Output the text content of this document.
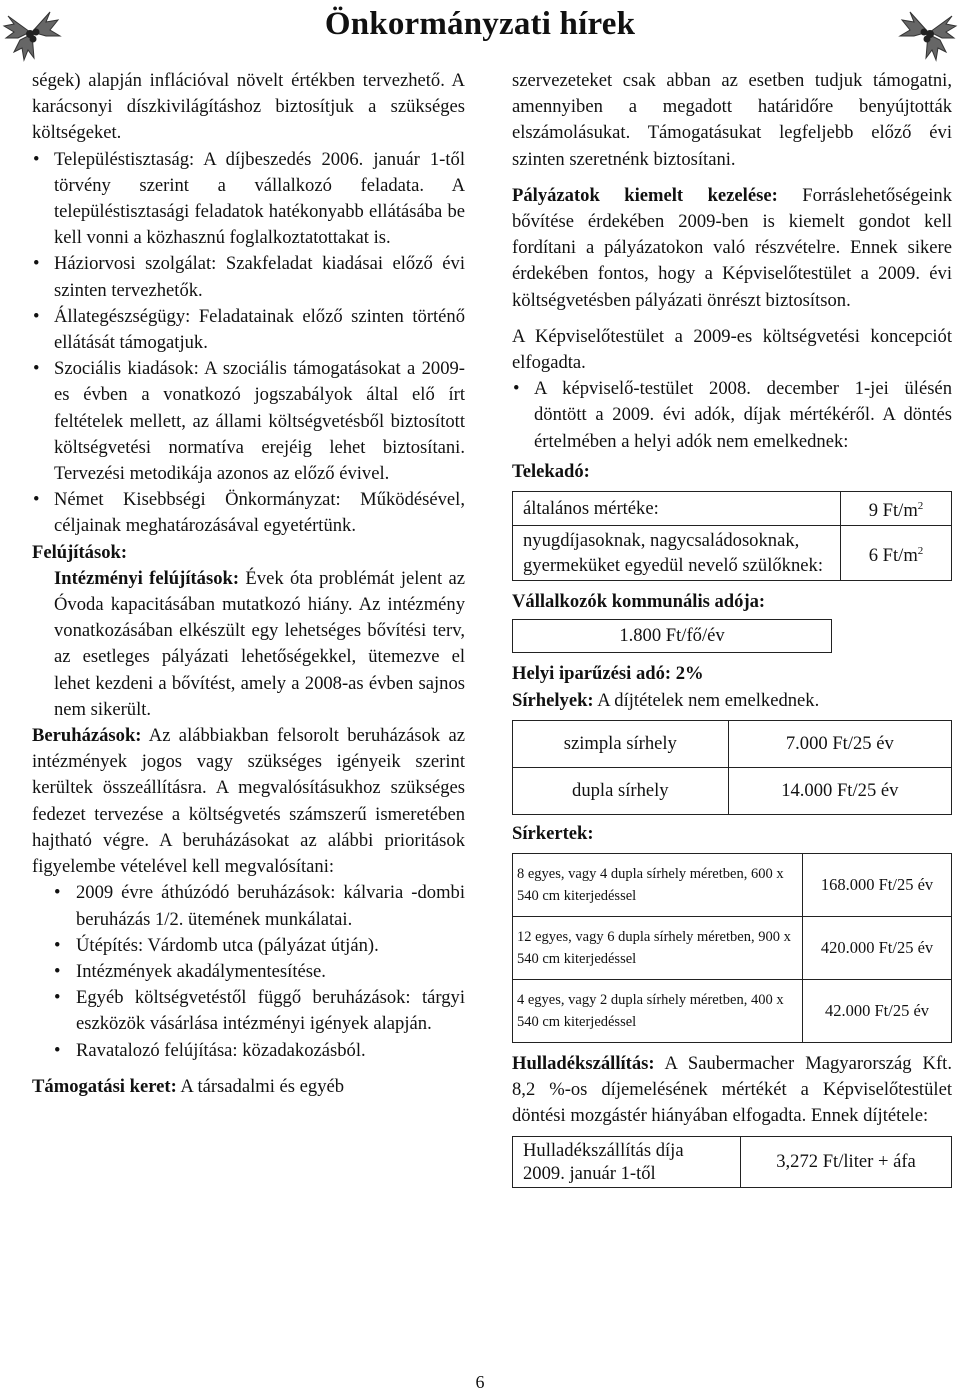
Önkormányzati hírek

ségek) alapján inflációval növelt értékben tervezhető. A karácsonyi díszkivilágításhoz biztosítjuk a szükséges költségeket.

• Településtisztaság: A díjbeszedés 2006. január 1-től törvény szerint a vállalkozó feladata. A településtisztasági feladatok hatékonyabb ellátásába be kell vonni a közhasznú foglalkoztatottakat is.
• Háziorvosi szolgálat: Szakfeladat kiadásai előző évi szinten tervezhetők.
• Állategészségügy: Feladatainak előző szinten történő ellátását támogatjuk.
• Szociális kiadások: A szociális támogatásokat a 2009-es évben a vonatkozó jogszabályok által elő írt feltételek mellett, az állami költségvetésből biztosított költségvetési normatíva erejéig lehet biztosítani. Tervezési metodikája azonos az előző évivel.
• Német Kisebbségi Önkormányzat: Működésével, céljainak meghatározásával egyetértünk.

Felújítások:

Intézményi felújítások: Évek óta problémát jelent az Óvoda kapacitásában mutatkozó hiány. Az intézmény vonatkozásában elkészült egy lehetséges bővítési terv, az esetleges pályázati lehetőségekkel, ütemezve el lehet kezdeni a bővítést, amely a 2008-as évben sajnos nem sikerült.

Beruházások: Az alábbiakban felsorolt beruházások az intézmények jogos vagy szükséges igényeik szerint kerültek összeállításra. A megvalósításukhoz szükséges fedezet tervezése a költségvetés számszerű ismeretében hajtható végre. A beruházásokat az alábbi prioritások figyelembe vételével kell megvalósítani:

• 2009 évre áthúzódó beruházások: kálvaria -dombi beruházás 1/2. ütemének munkálatai.
• Útépítés: Várdomb utca (pályázat útján).
• Intézmények akadálymentesítése.
• Egyéb költségvetéstől függő beruházások: tárgyi eszközök vásárlása intézményi igények alapján.
• Ravatalozó felújítása: közadakozásból.

Támogatási keret: A társadalmi és egyéb

szervezeteket csak abban az esetben tudjuk támogatni, amennyiben a megadott határidőre benyújtották elszámolásukat. Támogatásukat legfeljebb előző évi szinten szeretnénk biztosítani.

Pályázatok kiemelt kezelése: Forráslehetőségeink bővítése érdekében 2009-ben is kiemelt gondot kell fordítani a pályázatokon való részvételre. Ennek sikere érdekében fontos, hogy a Képviselőtestület a 2009. évi költségvetésben pályázati önrészt biztosítson.

A Képviselőtestület a 2009-es költségvetési koncepciót elfogadta.

• A képviselő-testület 2008. december 1-jei ülésén döntött a 2009. évi adók, díjak mértékéről. A döntés értelmében a helyi adók nem emelkednek:

Telekadó:

általános mértéke:	9 $Ft/m^2$
nyugdíjasoknak, nagycsaládosoknak, gyermeküket egyedül nevelő szülőknek:	6 $Ft/m^2$

Vállalkozók kommunális adója:

1.800 Ft/fő/év

Helyi iparűzési adó: 2%

Sírhelyek: A díjtételek nem emelkednek.

szimpla sírhely	7.000 Ft/25 év
dupla sírhely	14.000 Ft/25 év

Sírkertek:

8 egyes, vagy 4 dupla sírhely méretben, 600 x 540 cm kiterjedéssel	168.000 Ft/25 év
12 egyes, vagy 6 dupla sírhely méretben, 900 x 540 cm kiterjedéssel	420.000 Ft/25 év
4 egyes, vagy 2 dupla sírhely méretben, 400 x 540 cm kiterjedéssel	42.000 Ft/25 év

Hulladékszállítás: A Saubermacher Magyarország Kft. 8,2 %-os díjemelésének mértékét a Képviselőtestület döntési mozgástér hiányában elfogadta. Ennek díjtétele:

Hulladékszállítás díja 2009. január 1-től	3,272 Ft/liter + áfa
6
